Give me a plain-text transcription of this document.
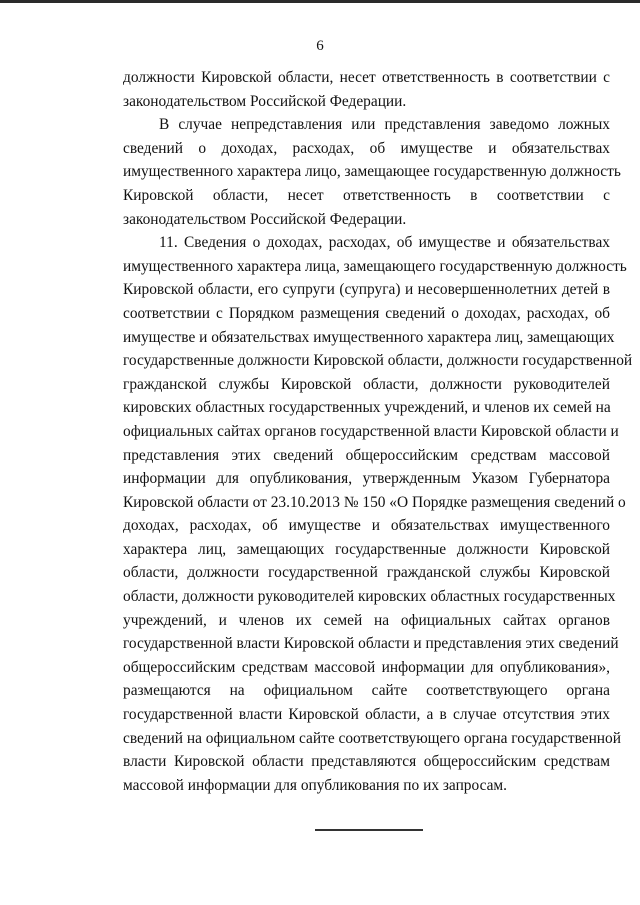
6
должности Кировской области, несет ответственность в соответствии с
законодательством Российской Федерации.
В случае непредставления или представления заведомо ложных
сведений о доходах, расходах, об имуществе и обязательствах
имущественного характера лицо, замещающее государственную должность
Кировской области, несет ответственность в соответствии с
законодательством Российской Федерации.
11. Сведения о доходах, расходах, об имуществе и обязательствах
имущественного характера лица, замещающего государственную должность
Кировской области, его супруги (супруга) и несовершеннолетних детей в
соответствии с Порядком размещения сведений о доходах, расходах, об
имуществе и обязательствах имущественного характера лиц, замещающих
государственные должности Кировской области, должности государственной
гражданской службы Кировской области, должности руководителей
кировских областных государственных учреждений, и членов их семей на
официальных сайтах органов государственной власти Кировской области и
представления этих сведений общероссийским средствам массовой
информации для опубликования, утвержденным Указом Губернатора
Кировской области от 23.10.2013 № 150 «О Порядке размещения сведений о
доходах, расходах, об имуществе и обязательствах имущественного
характера лиц, замещающих государственные должности Кировской
области, должности государственной гражданской службы Кировской
области, должности руководителей кировских областных государственных
учреждений, и членов их семей на официальных сайтах органов
государственной власти Кировской области и представления этих сведений
общероссийским средствам массовой информации для опубликования»,
размещаются на официальном сайте соответствующего органа
государственной власти Кировской области, а в случае отсутствия этих
сведений на официальном сайте соответствующего органа государственной
власти Кировской области представляются общероссийским средствам
массовой информации для опубликования по их запросам.
